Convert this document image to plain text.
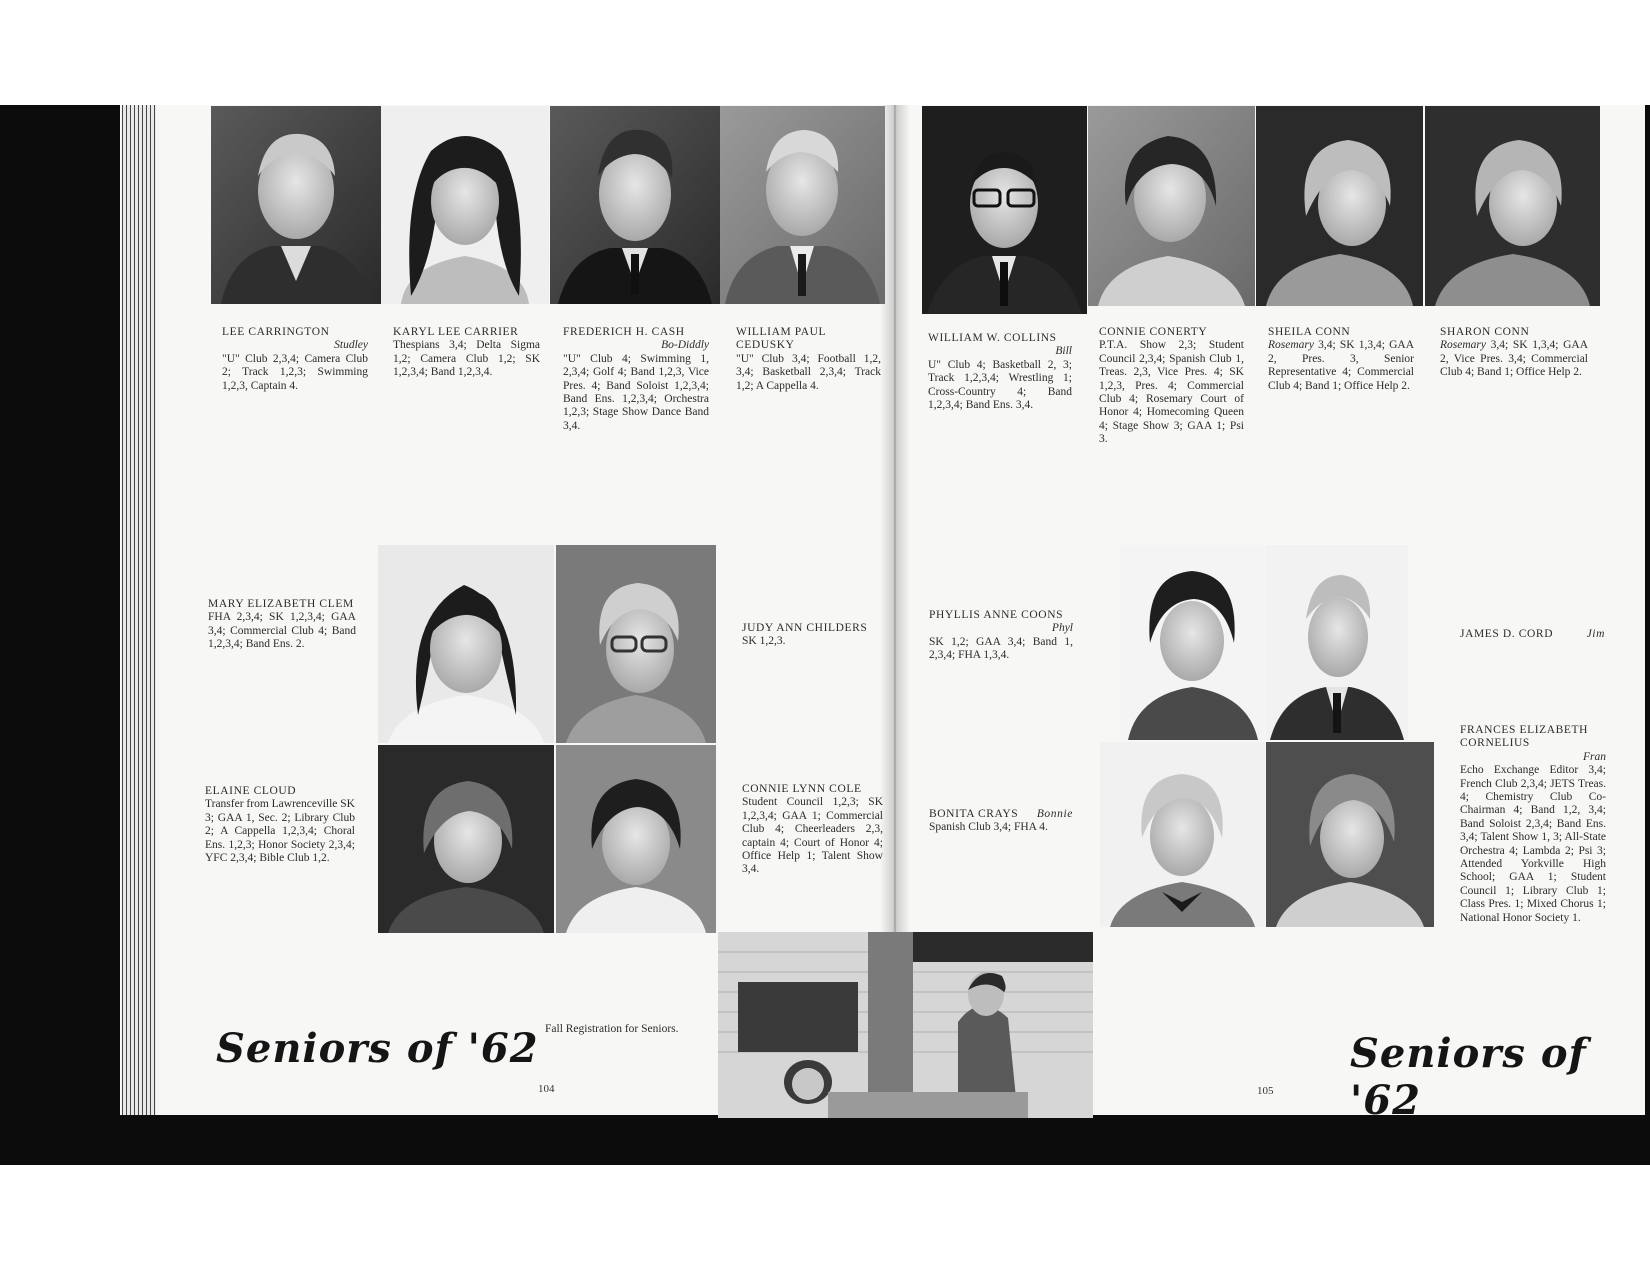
LEE CARRINGTON
Studley
"U" Club 2,3,4; Camera Club 2; Track 1,2,3; Swimming 1,2,3, Captain 4.
KARYL LEE CARRIER
Thespians 3,4; Delta Sigma 1,2; Camera Club 1,2; SK 1,2,3,4; Band 1,2,3,4.
FREDERICH H. CASH
Bo-Diddly
"U" Club 4; Swimming 1, 2,3,4; Golf 4; Band 1,2,3, Vice Pres. 4; Band Soloist 1,2,3,4; Band Ens. 1,2,3,4; Orchestra 1,2,3; Stage Show Dance Band 3,4.
WILLIAM PAUL CEDUSKY
"U" Club 3,4; Football 1,2, 3,4; Basketball 2,3,4; Track 1,2; A Cappella 4.
WILLIAM W. COLLINS
Bill
U" Club 4; Basketball 2, 3; Track 1,2,3,4; Wrestling 1; Cross-Country 4; Band 1,2,3,4; Band Ens. 3,4.
CONNIE CONERTY
P.T.A. Show 2,3; Student Council 2,3,4; Spanish Club 1, Treas. 2,3, Vice Pres. 4; SK 1,2,3, Pres. 4; Commercial Club 4; Rosemary Court of Honor 4; Homecoming Queen 4; Stage Show 3; GAA 1; Psi 3.
SHEILA CONN
Rosemary 3,4; SK 1,3,4; GAA 2, Pres. 3, Senior Representative 4; Commercial Club 4; Band 1; Office Help 2.
SHARON CONN
Rosemary 3,4; SK 1,3,4; GAA 2, Vice Pres. 3,4; Commercial Club 4; Band 1; Office Help 2.
MARY ELIZABETH CLEM
FHA 2,3,4; SK 1,2,3,4; GAA 3,4; Commercial Club 4; Band 1,2,3,4; Band Ens. 2.
JUDY ANN CHILDERS
SK 1,2,3.
ELAINE CLOUD
Transfer from Lawrenceville SK 3; GAA 1, Sec. 2; Library Club 2; A Cappella 1,2,3,4; Choral Ens. 1,2,3; Honor Society 2,3,4; YFC 2,3,4; Bible Club 1,2.
CONNIE LYNN COLE
Student Council 1,2,3; SK 1,2,3,4; GAA 1; Commercial Club 4; Cheerleaders 2,3, captain 4; Court of Honor 4; Office Help 1; Talent Show 3,4.
PHYLLIS ANNE COONS
Phyl
SK 1,2; GAA 3,4; Band 1, 2,3,4; FHA 1,3,4.
BONITA CRAYS Bonnie
Spanish Club 3,4; FHA 4.
JAMES D. CORD	Jim
FRANCES ELIZABETH CORNELIUS
Fran
Echo Exchange Editor 3,4; French Club 2,3,4; JETS Treas. 4; Chemistry Club Co-Chairman 4; Band 1,2, 3,4; Band Soloist 2,3,4; Band Ens. 3,4; Talent Show 1, 3; All-State Orchestra 4; Lambda 2; Psi 3; Attended Yorkville High School; GAA 1; Student Council 1; Library Club 1; Class Pres. 1; Mixed Chorus 1; National Honor Society 1.
Seniors of '62 Fall Registration for Seniors.
104
Seniors of '62
105
